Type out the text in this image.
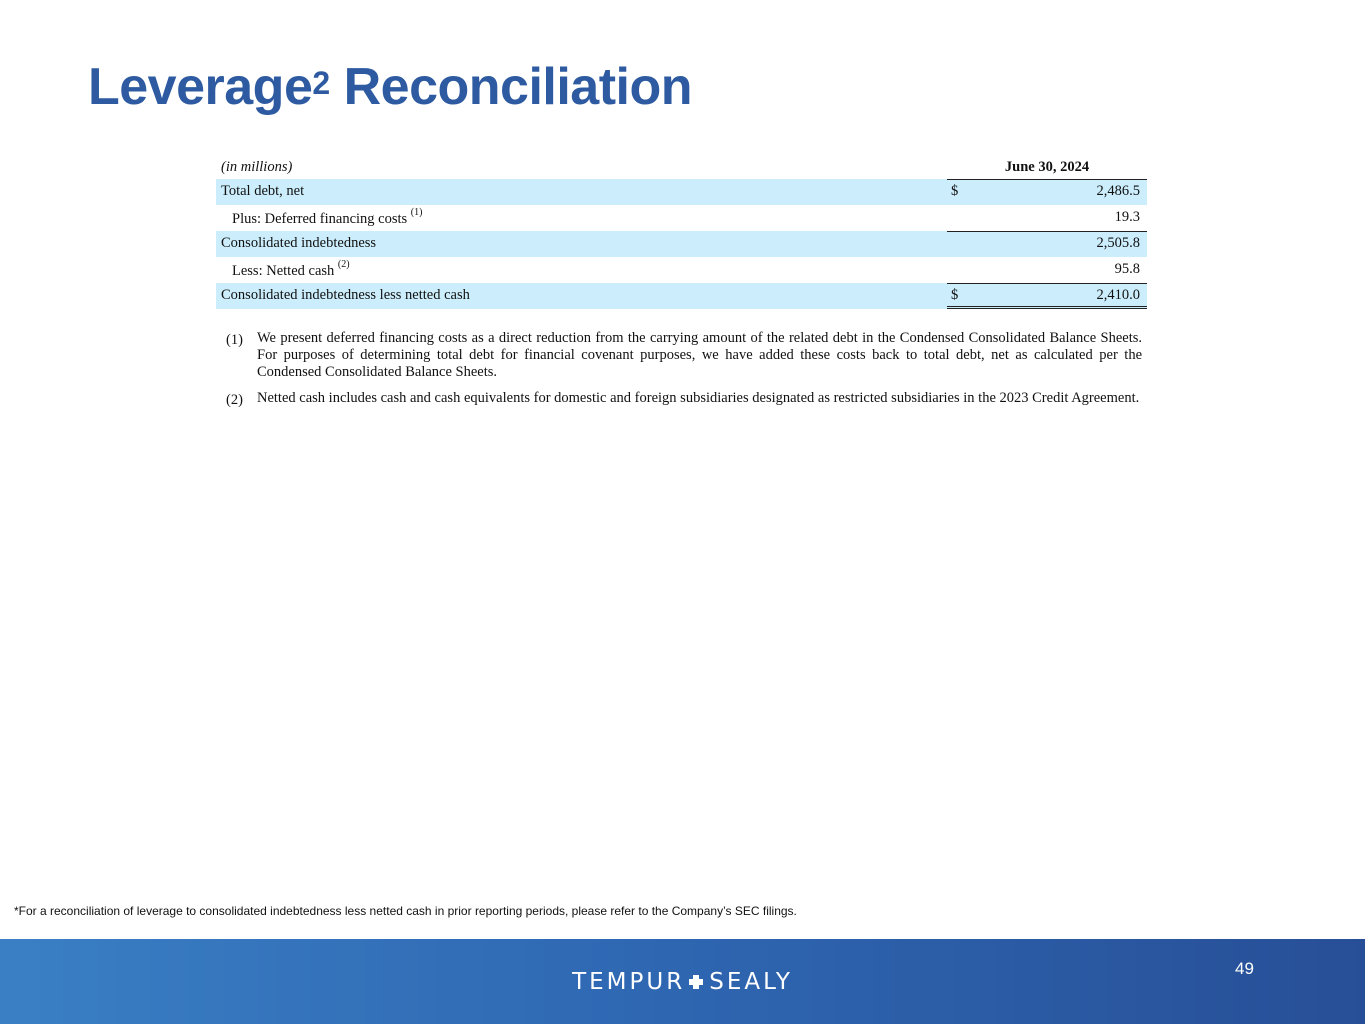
Leverage$^2$ Reconciliation
(in millions)	June 30, 2024
Total debt, net	$	2,486.5
Plus: Deferred financing costs $^{(1)}$	19.3
Consolidated indebtedness	2,505.8
Less: Netted cash $^{(2)}$	95.8
Consolidated indebtedness less netted cash	$	2,410.0
(1) We present deferred financing costs as a direct reduction from the carrying amount of the related debt in the Condensed Consolidated Balance Sheets. For purposes of determining total debt for financial covenant purposes, we have added these costs back to total debt, net as calculated per the Condensed Consolidated Balance Sheets.
(2) Netted cash includes cash and cash equivalents for domestic and foreign subsidiaries designated as restricted subsidiaries in the 2023 Credit Agreement.
*For a reconciliation of leverage to consolidated indebtedness less netted cash in prior reporting periods, please refer to the Company’s SEC filings.
TEMPUR SEALY
49
